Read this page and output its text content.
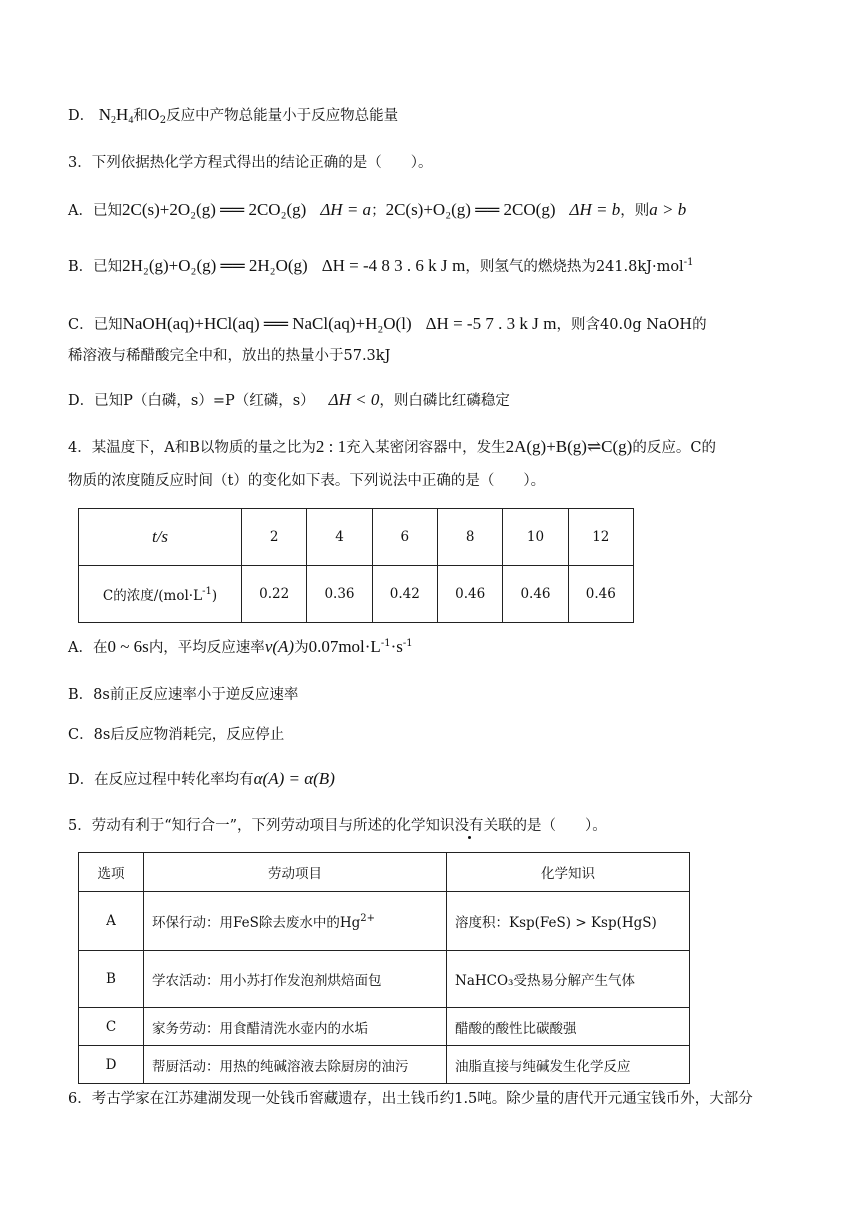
D． $N_2H_4$和$O_2$反应中产物总能量小于反应物总能量
3．下列依据热化学方程式得出的结论正确的是（　　）。
A．已知2C(s)+2O₂(g) ══ 2CO₂(g) ΔH = a；2C(s)+O₂(g) ══ 2CO(g) ΔH = b，则a > b
B．已知2H₂(g)+O₂(g) ══ 2H₂O(g) ΔH = -4 8 3 . 6 k J m，则氢气的燃烧热为241.8kJ·mol$^{-1}$
C．已知NaOH(aq)+HCl(aq) ══ NaCl(aq)+H₂O(l) ΔH = -5 7 . 3 k J m，则含40.0g NaOH的
稀溶液与稀醋酸完全中和，放出的热量小于57.3kJ
D．已知P（白磷，s）=P（红磷，s） ΔH < 0，则白磷比红磷稳定
4．某温度下，A和B以物质的量之比为2 : 1充入某密闭容器中，发生2A(g)+B(g)⇌C(g)的反应。C的
物质的浓度随反应时间（t）的变化如下表。下列说法中正确的是（　　）。
t/s	2	4	6	8	10	12
C的浓度$/(mol\cdot L^{-1})$	0.22	0.36	0.42	0.46	0.46	0.46
A．在0 ~ 6s内，平均反应速率v(A)为$0.07mol\cdot L^{-1}\cdot s^{-1}$
B．8s前正反应速率小于逆反应速率
C．8s后反应物消耗完，反应停止
D．在反应过程中转化率均有α(A) = α(B)
5．劳动有利于“知行合一”，下列劳动项目与所述的化学知识没有关联的是（　　）。
选项	劳动项目	化学知识
A	环保行动：用FeS除去废水中的$Hg^{2+}$	溶度积：Ksp(FeS) > Ksp(HgS)
B	学农活动：用小苏打作发泡剂烘焙面包	NaHCO₃受热易分解产生气体
C	家务劳动：用食醋清洗水壶内的水垢	醋酸的酸性比碳酸强
D	帮厨活动：用热的纯碱溶液去除厨房的油污	油脂直接与纯碱发生化学反应
6．考古学家在江苏建湖发现一处钱币窖藏遗存，出土钱币约1.5吨。除少量的唐代开元通宝钱币外，大部分
